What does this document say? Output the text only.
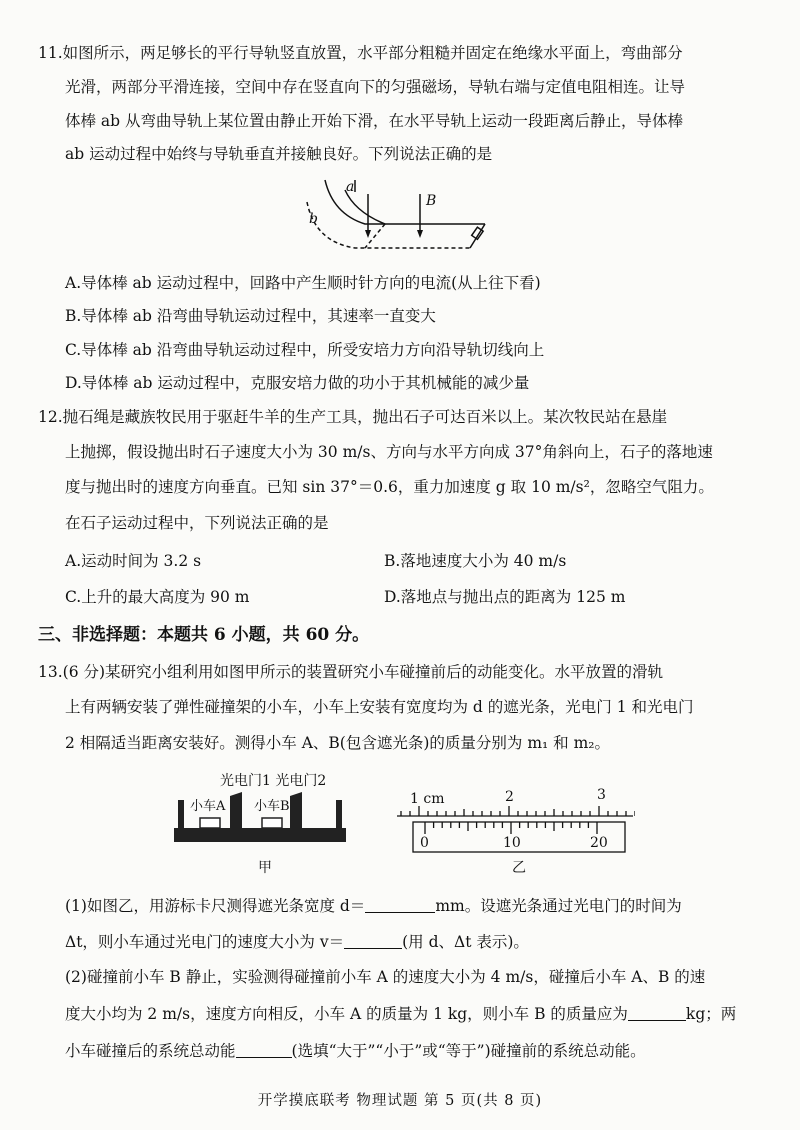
11.如图所示，两足够长的平行导轨竖直放置，水平部分粗糙并固定在绝缘水平面上，弯曲部分
光滑，两部分平滑连接，空间中存在竖直向下的匀强磁场，导轨右端与定值电阻相连。让导
体棒 ab 从弯曲导轨上某位置由静止开始下滑，在水平导轨上运动一段距离后静止，导体棒
ab 运动过程中始终与导轨垂直并接触良好。下列说法正确的是
a
b
B
A.导体棒 ab 运动过程中，回路中产生顺时针方向的电流(从上往下看)
B.导体棒 ab 沿弯曲导轨运动过程中，其速率一直变大
C.导体棒 ab 沿弯曲导轨运动过程中，所受安培力方向沿导轨切线向上
D.导体棒 ab 运动过程中，克服安培力做的功小于其机械能的减少量
12.抛石绳是藏族牧民用于驱赶牛羊的生产工具，抛出石子可达百米以上。某次牧民站在悬崖
上抛掷，假设抛出时石子速度大小为 30 m/s、方向与水平方向成 37°角斜向上，石子的落地速
度与抛出时的速度方向垂直。已知 sin 37°＝0.6，重力加速度 g 取 10 m/s²，忽略空气阻力。
在石子运动过程中，下列说法正确的是
A.运动时间为 3.2 s	B.落地速度大小为 40 m/s
C.上升的最大高度为 90 m	D.落地点与抛出点的距离为 125 m
三、非选择题：本题共 6 小题，共 60 分。
13.(6 分)某研究小组利用如图甲所示的装置研究小车碰撞前后的动能变化。水平放置的滑轨
上有两辆安装了弹性碰撞架的小车，小车上安装有宽度均为 d 的遮光条，光电门 1 和光电门
2 相隔适当距离安装好。测得小车 A、B(包含遮光条)的质量分别为 m₁ 和 m₂。
光电门1 光电门2
小车A 小车B
甲
1 cm	2	3
0	10	20
乙
(1)如图乙，用游标卡尺测得遮光条宽度 d＝	mm。设遮光条通过光电门的时间为
Δt，则小车通过光电门的速度大小为 v＝	(用 d、Δt 表示)。
(2)碰撞前小车 B 静止，实验测得碰撞前小车 A 的速度大小为 4 m/s，碰撞后小车 A、B 的速
度大小均为 2 m/s，速度方向相反，小车 A 的质量为 1 kg，则小车 B 的质量应为	kg；两
小车碰撞后的系统总动能	(选填“大于”“小于”或“等于”)碰撞前的系统总动能。
开学摸底联考 物理试题 第 5 页(共 8 页)
